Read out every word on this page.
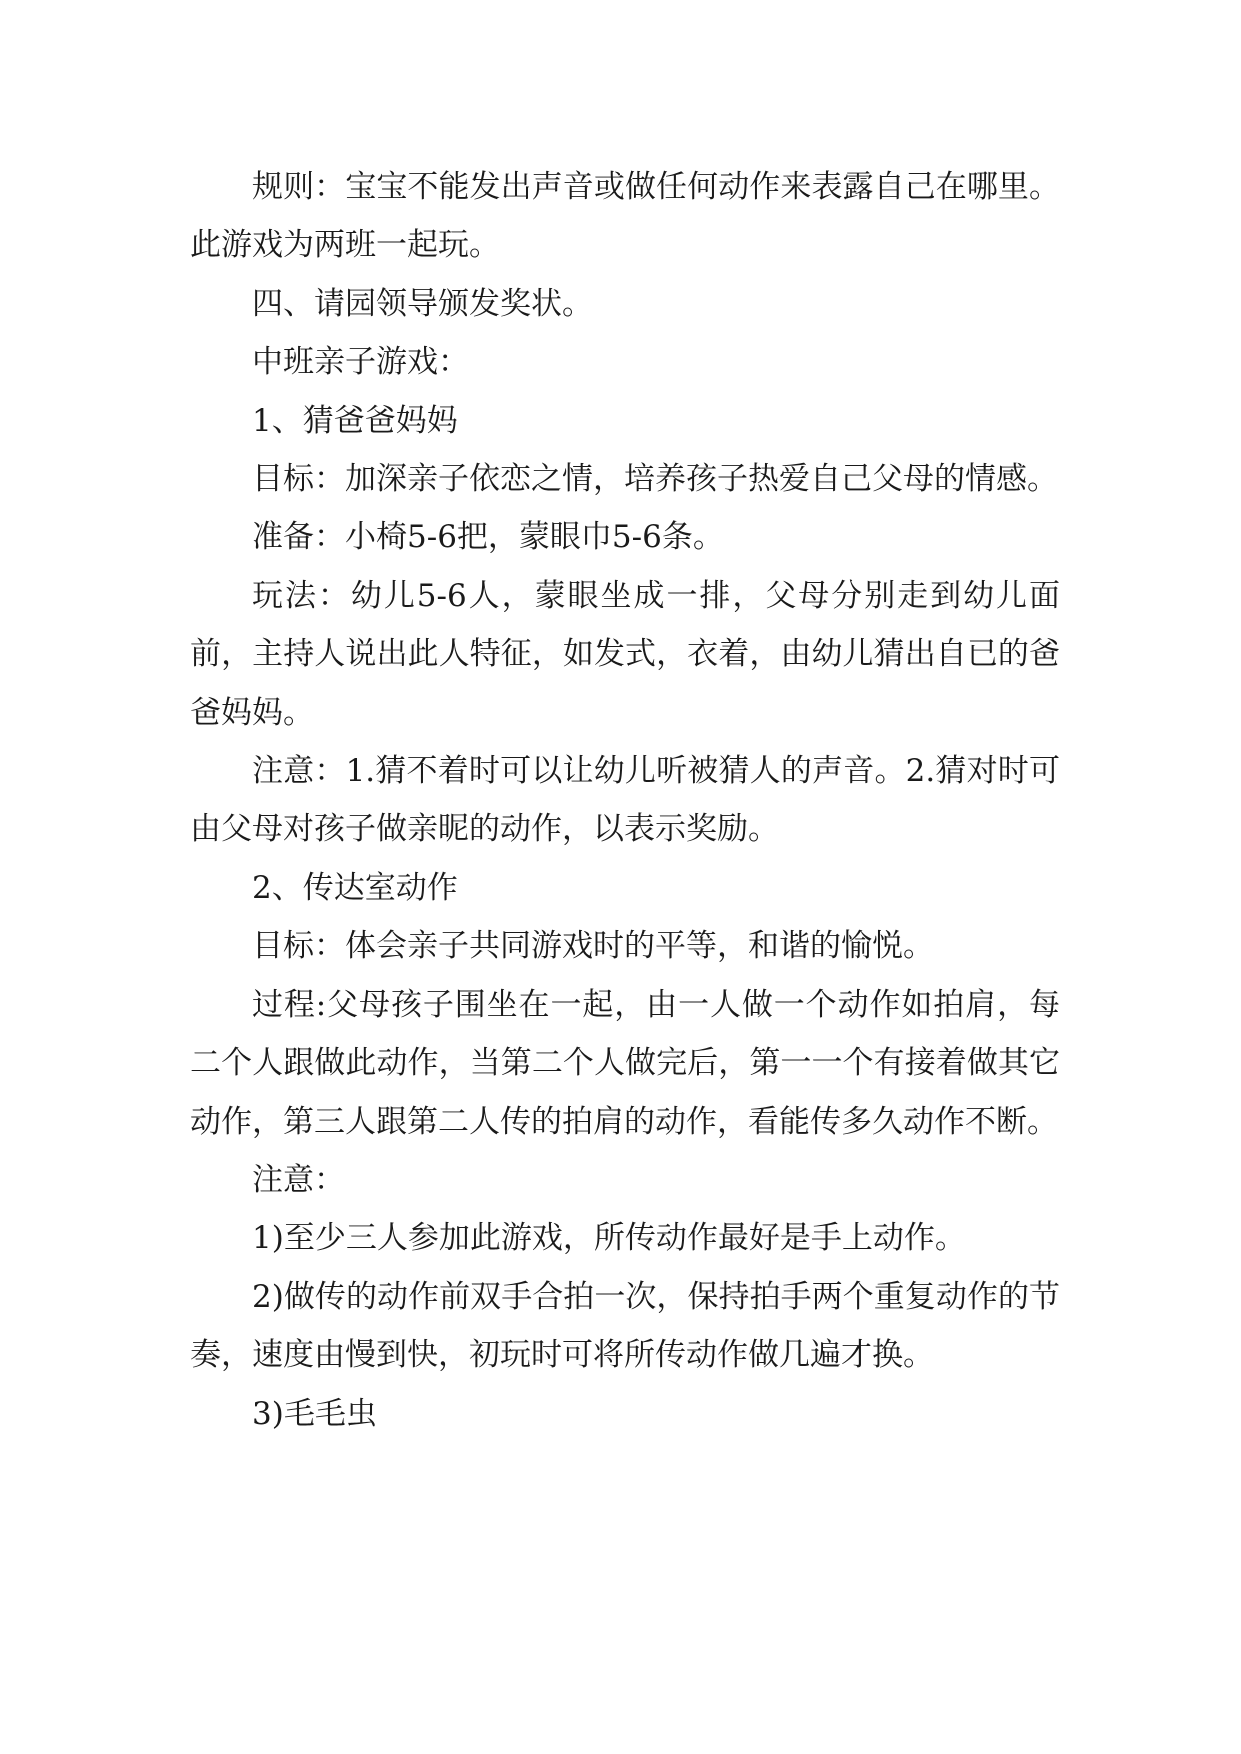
规则：宝宝不能发出声音或做任何动作来表露自己在哪里。此游戏为两班一起玩。

四、请园领导颁发奖状。

中班亲子游戏：

1、猜爸爸妈妈

目标：加深亲子依恋之情，培养孩子热爱自己父母的情感。

准备：小椅5-6把，蒙眼巾5-6条。

玩法：幼儿5-6人，蒙眼坐成一排，父母分别走到幼儿面前，主持人说出此人特征，如发式，衣着，由幼儿猜出自已的爸爸妈妈。

注意：1.猜不着时可以让幼儿听被猜人的声音。2.猜对时可由父母对孩子做亲昵的动作，以表示奖励。

2、传达室动作

目标：体会亲子共同游戏时的平等，和谐的愉悦。

过程:父母孩子围坐在一起，由一人做一个动作如拍肩，每二个人跟做此动作，当第二个人做完后，第一一个有接着做其它动作，第三人跟第二人传的拍肩的动作，看能传多久动作不断。

注意：

1)至少三人参加此游戏，所传动作最好是手上动作。

2)做传的动作前双手合拍一次，保持拍手两个重复动作的节奏，速度由慢到快，初玩时可将所传动作做几遍才换。

3)毛毛虫
